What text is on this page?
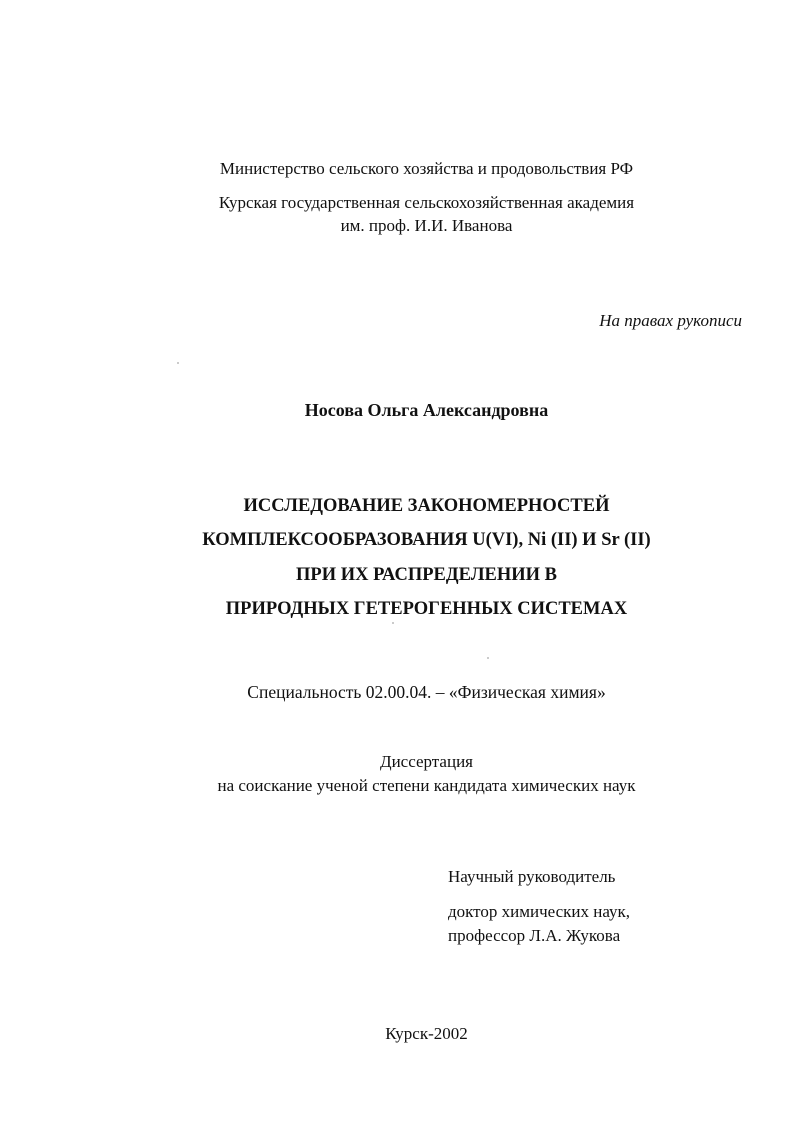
Министерство сельского хозяйства и продовольствия РФ
Курская государственная сельскохозяйственная академия
им. проф. И.И. Иванова
На правах рукописи
Носова Ольга Александровна
ИССЛЕДОВАНИЕ ЗАКОНОМЕРНОСТЕЙ
КОМПЛЕКСООБРАЗОВАНИЯ U(VI), Ni (II) И Sr (II)
ПРИ ИХ РАСПРЕДЕЛЕНИИ В
ПРИРОДНЫХ ГЕТЕРОГЕННЫХ СИСТЕМАХ
Специальность 02.00.04. – «Физическая химия»
Диссертация
на соискание ученой степени кандидата химических наук
Научный руководитель
доктор химических наук,
профессор Л.А. Жукова
Курск-2002
